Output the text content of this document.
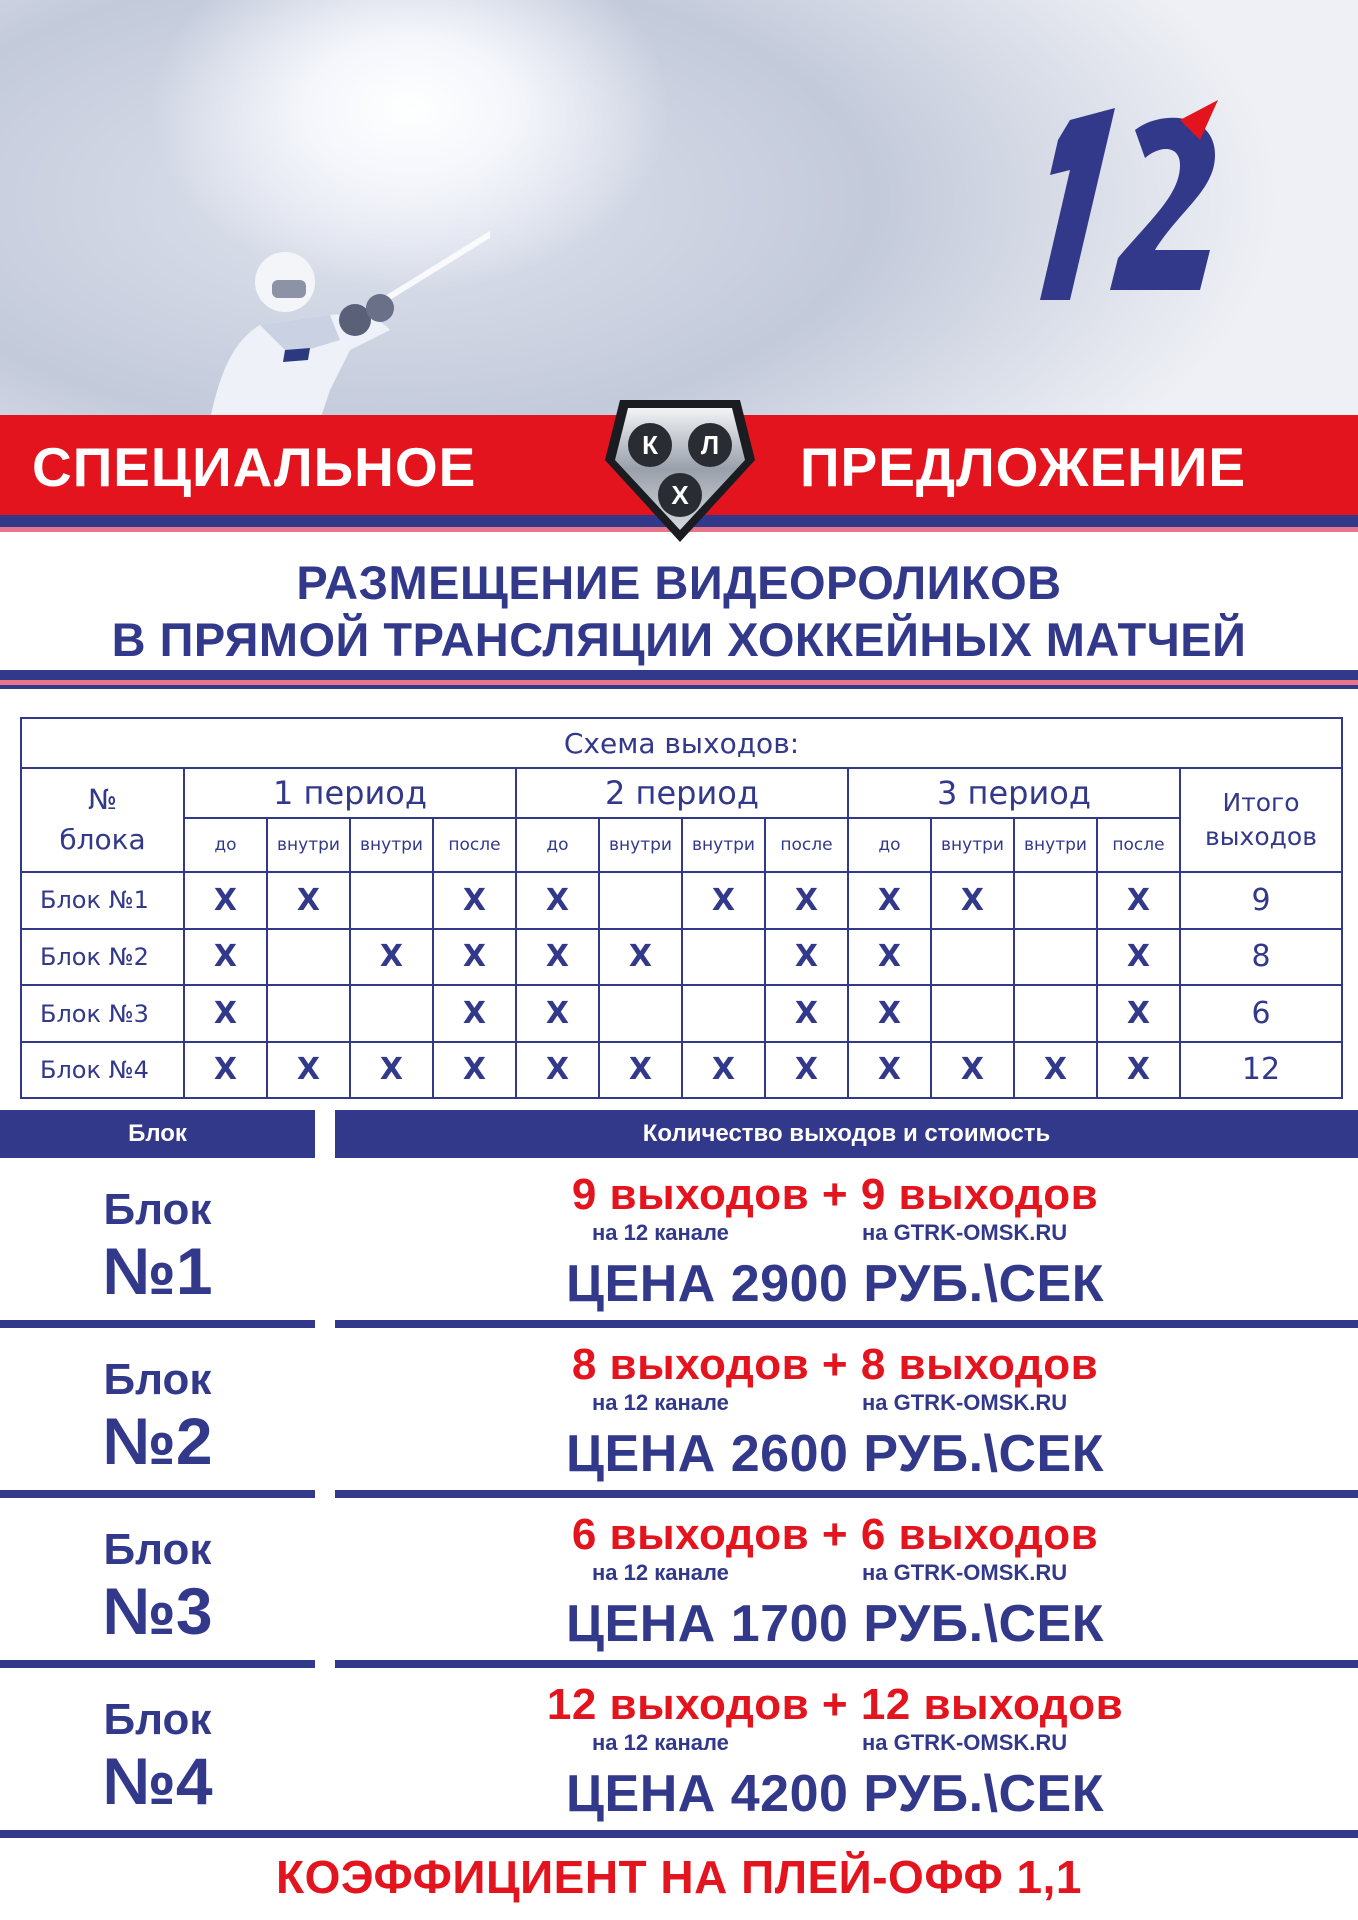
СПЕЦИАЛЬНОЕ	ПРЕДЛОЖЕНИЕ
К Л
Х
РАЗМЕЩЕНИЕ ВИДЕОРОЛИКОВ
В ПРЯМОЙ ТРАНСЛЯЦИИ ХОККЕЙНЫХ МАТЧЕЙ
Схема выходов:													
№
блока	1 период				2 период				3 период				Итого
выходов
	до	внутри	внутри	после	до	внутри	внутри	после	до	внутри	внутри	после	
Блок №1	Х	Х		Х	Х		Х	Х	Х	Х		Х	9
Блок №2	Х		Х	Х	Х	Х		Х	Х			Х	8
Блок №3	Х			Х	Х			Х	Х			Х	6
Блок №4	Х	Х	Х	Х	Х	Х	Х	Х	Х	Х	Х	Х	12
Блок	Количество выходов и стоимость
Блок
№1
9 выходов + 9 выходов
на 12 канале	на GTRK-OMSK.RU
ЦЕНА 2900 РУБ.\СЕК
Блок
№2
8 выходов + 8 выходов
на 12 канале	на GTRK-OMSK.RU
ЦЕНА 2600 РУБ.\СЕК
Блок
№3
6 выходов + 6 выходов
на 12 канале	на GTRK-OMSK.RU
ЦЕНА 1700 РУБ.\СЕК
Блок
№4
12 выходов + 12 выходов
на 12 канале	на GTRK-OMSK.RU
ЦЕНА 4200 РУБ.\СЕК
КОЭФФИЦИЕНТ НА ПЛЕЙ-ОФФ 1,1
